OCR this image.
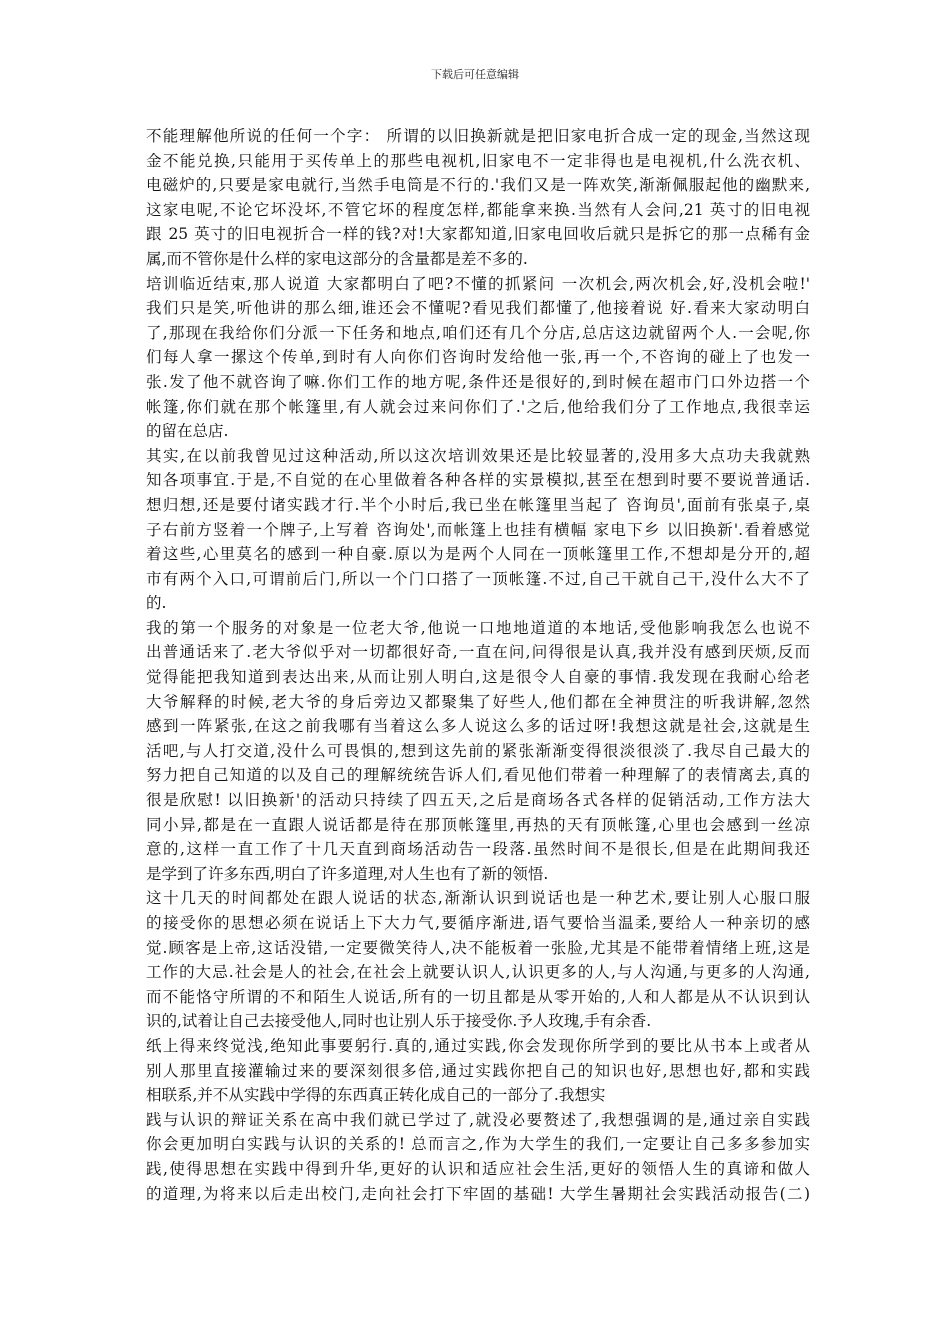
下载后可任意编辑
不能理解他所说的任何一个字： 所谓的以旧换新就是把旧家电折合成一定的现金,当然这现
金不能兑换,只能用于买传单上的那些电视机,旧家电不一定非得也是电视机,什么洗衣机、
电磁炉的,只要是家电就行,当然手电筒是不行的.'我们又是一阵欢笑,渐渐佩服起他的幽默来,
这家电呢,不论它坏没坏,不管它坏的程度怎样,都能拿来换.当然有人会问,21 英寸的旧电视
跟 25 英寸的旧电视折合一样的钱?对!大家都知道,旧家电回收后就只是拆它的那一点稀有金
属,而不管你是什么样的家电这部分的含量都是差不多的.
培训临近结束,那人说道 大家都明白了吧?不懂的抓紧问 一次机会,两次机会,好,没机会啦!'
我们只是笑,听他讲的那么细,谁还会不懂呢?看见我们都懂了,他接着说 好.看来大家动明白
了,那现在我给你们分派一下任务和地点,咱们还有几个分店,总店这边就留两个人.一会呢,你
们每人拿一摞这个传单,到时有人向你们咨询时发给他一张,再一个,不咨询的碰上了也发一
张.发了他不就咨询了嘛.你们工作的地方呢,条件还是很好的,到时候在超市门口外边搭一个
帐篷,你们就在那个帐篷里,有人就会过来问你们了.'之后,他给我们分了工作地点,我很幸运
的留在总店.
其实,在以前我曾见过这种活动,所以这次培训效果还是比较显著的,没用多大点功夫我就熟
知各项事宜.于是,不自觉的在心里做着各种各样的实景模拟,甚至在想到时要不要说普通话.
想归想,还是要付诸实践才行.半个小时后,我已坐在帐篷里当起了 咨询员',面前有张桌子,桌
子右前方竖着一个牌子,上写着 咨询处',而帐篷上也挂有横幅 家电下乡 以旧换新'.看着感觉
着这些,心里莫名的感到一种自豪.原以为是两个人同在一顶帐篷里工作,不想却是分开的,超
市有两个入口,可谓前后门,所以一个门口搭了一顶帐篷.不过,自己干就自己干,没什么大不了
的.
我的第一个服务的对象是一位老大爷,他说一口地地道道的本地话,受他影响我怎么也说不
出普通话来了.老大爷似乎对一切都很好奇,一直在问,问得很是认真,我并没有感到厌烦,反而
觉得能把我知道到表达出来,从而让别人明白,这是很令人自豪的事情.我发现在我耐心给老
大爷解释的时候,老大爷的身后旁边又都聚集了好些人,他们都在全神贯注的听我讲解,忽然
感到一阵紧张,在这之前我哪有当着这么多人说这么多的话过呀!我想这就是社会,这就是生
活吧,与人打交道,没什么可畏惧的,想到这先前的紧张渐渐变得很淡很淡了.我尽自己最大的
努力把自己知道的以及自己的理解统统告诉人们,看见他们带着一种理解了的表情离去,真的
很是欣慰! 以旧换新'的活动只持续了四五天,之后是商场各式各样的促销活动,工作方法大
同小异,都是在一直跟人说话都是待在那顶帐篷里,再热的天有顶帐篷,心里也会感到一丝凉
意的,这样一直工作了十几天直到商场活动告一段落.虽然时间不是很长,但是在此期间我还
是学到了许多东西,明白了许多道理,对人生也有了新的领悟.
这十几天的时间都处在跟人说话的状态,渐渐认识到说话也是一种艺术,要让别人心服口服
的接受你的思想必须在说话上下大力气,要循序渐进,语气要恰当温柔,要给人一种亲切的感
觉.顾客是上帝,这话没错,一定要微笑待人,决不能板着一张脸,尤其是不能带着情绪上班,这是
工作的大忌.社会是人的社会,在社会上就要认识人,认识更多的人,与人沟通,与更多的人沟通,
而不能恪守所谓的不和陌生人说话,所有的一切且都是从零开始的,人和人都是从不认识到认
识的,试着让自己去接受他人,同时也让别人乐于接受你.予人玫瑰,手有余香.
纸上得来终觉浅,绝知此事要躬行.真的,通过实践,你会发现你所学到的要比从书本上或者从
别人那里直接灌输过来的要深刻很多倍,通过实践你把自己的知识也好,思想也好,都和实践
相联系,并不从实践中学得的东西真正转化成自己的一部分了.我想实
践与认识的辩证关系在高中我们就已学过了,就没必要赘述了,我想强调的是,通过亲自实践
你会更加明白实践与认识的关系的! 总而言之,作为大学生的我们,一定要让自己多多参加实
践,使得思想在实践中得到升华,更好的认识和适应社会生活,更好的领悟人生的真谛和做人
的道理,为将来以后走出校门,走向社会打下牢固的基础! 大学生暑期社会实践活动报告(二)
